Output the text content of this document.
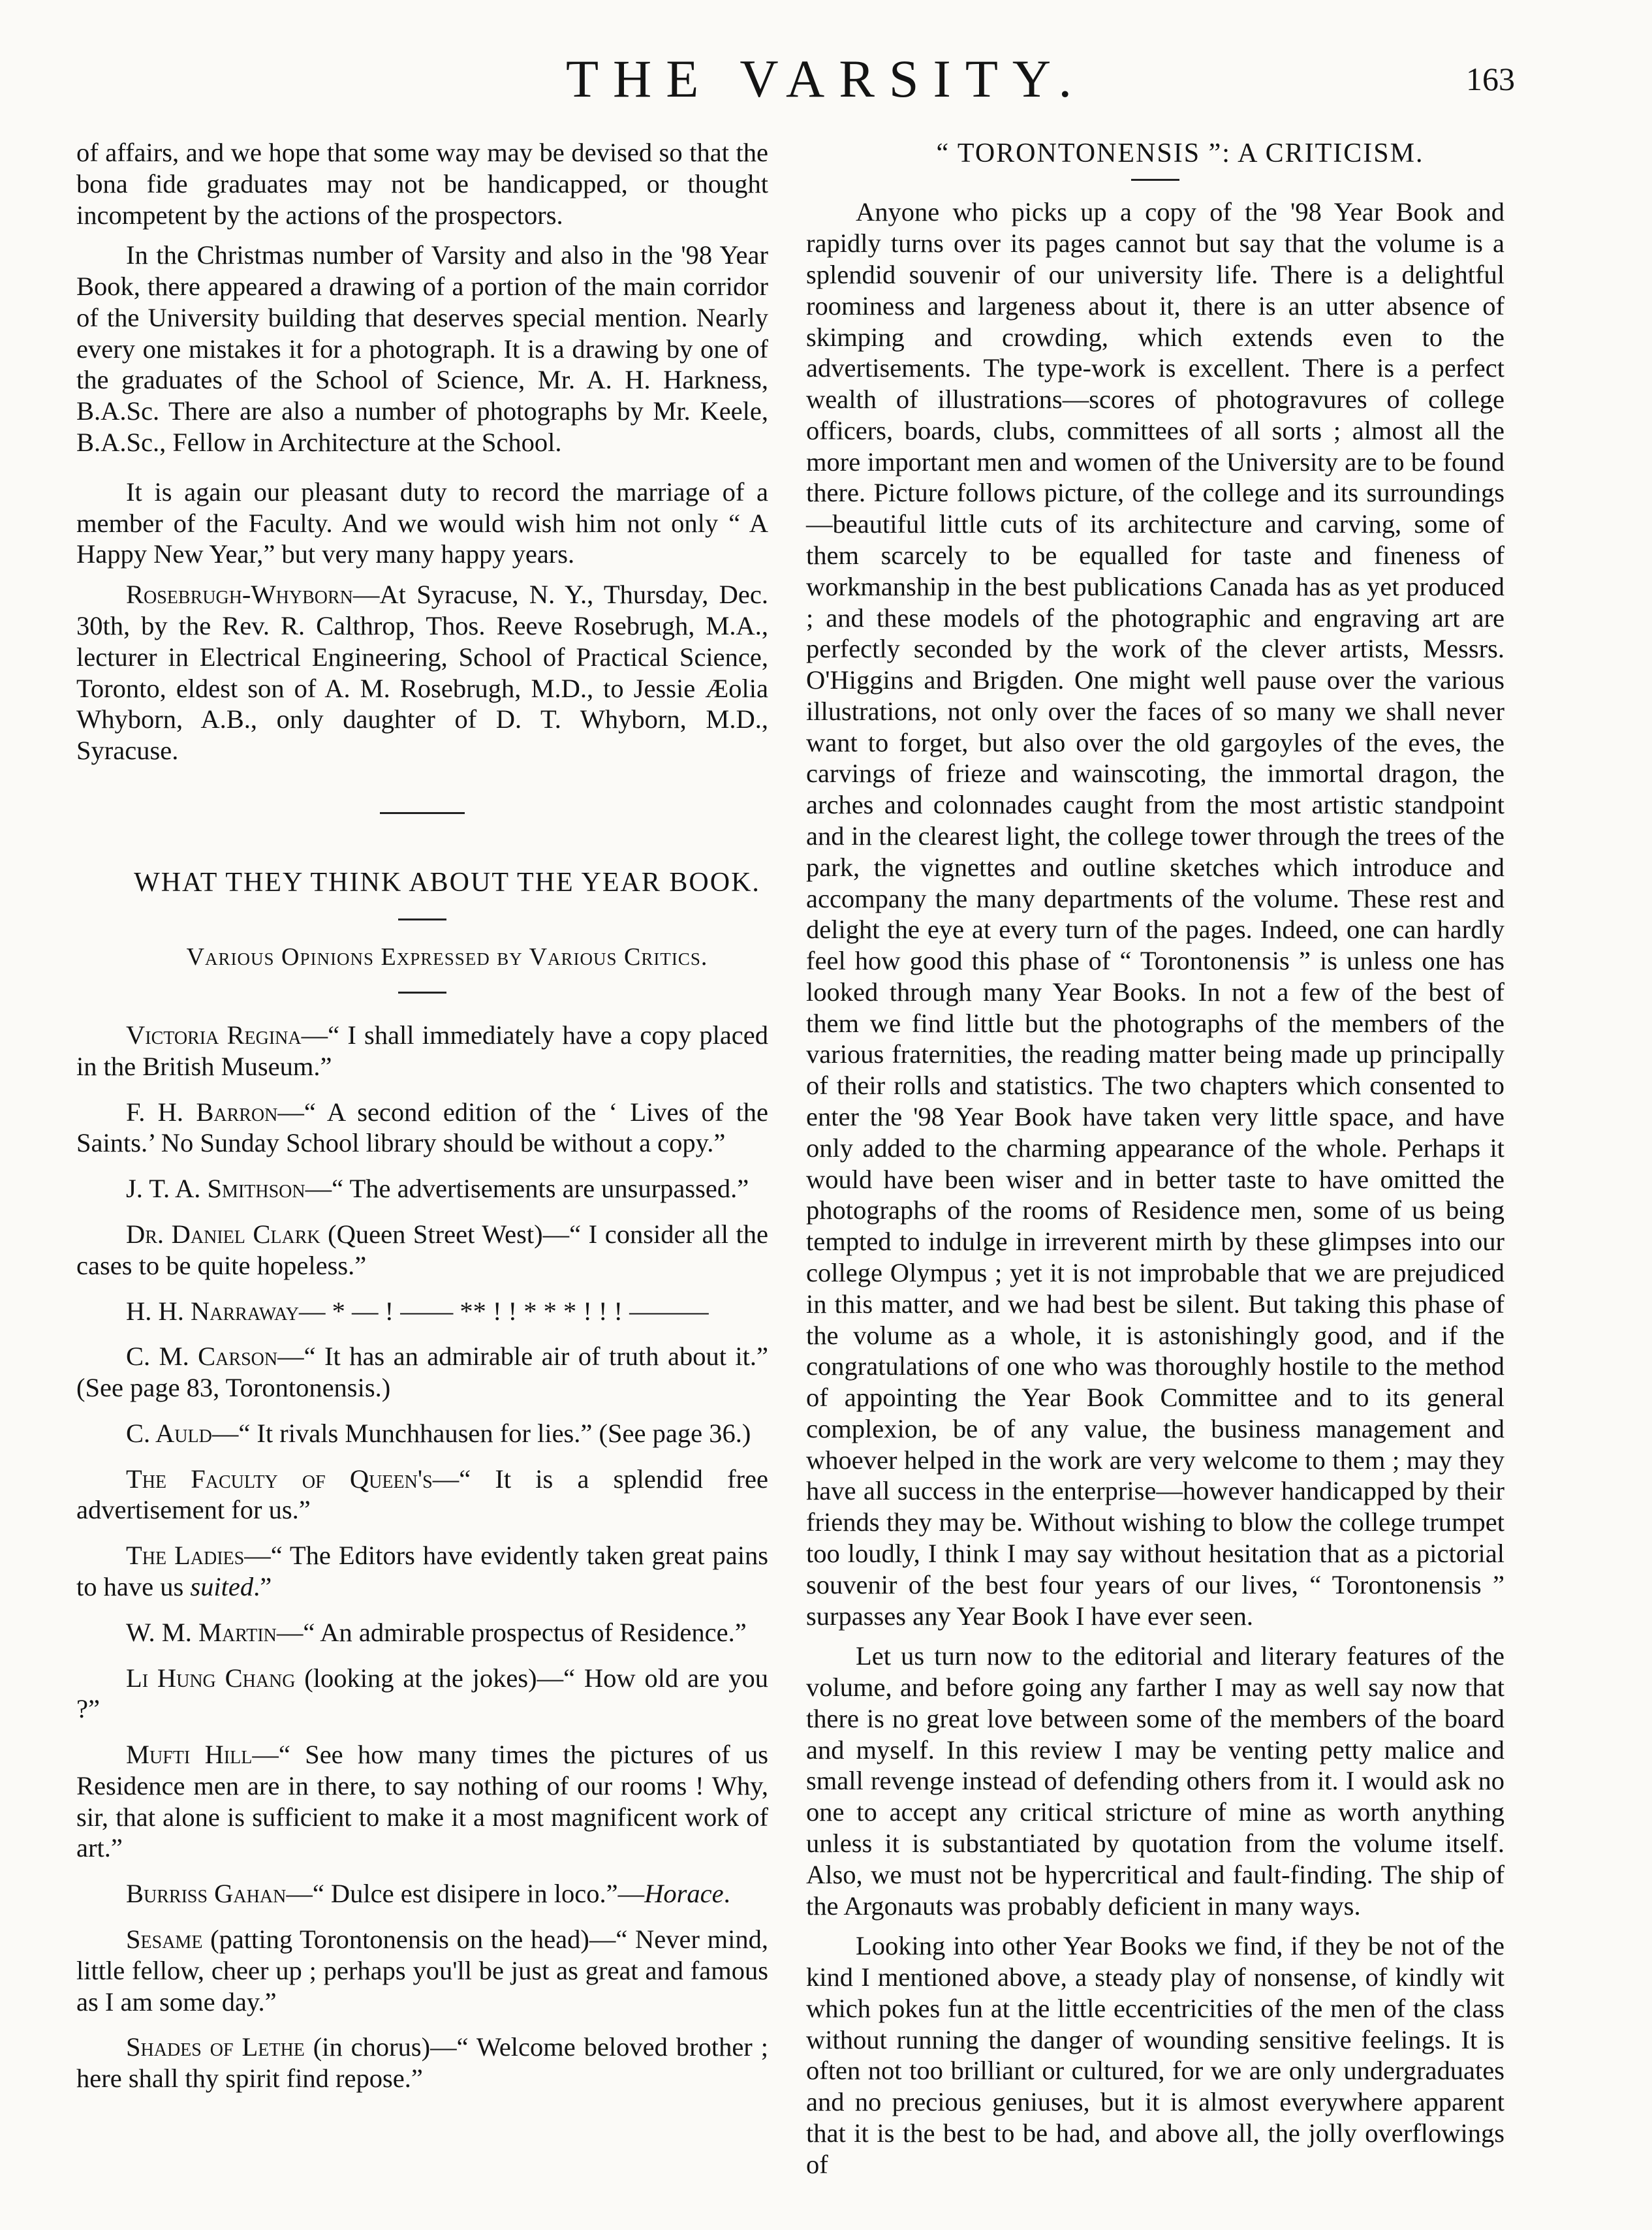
THE VARSITY.	163

of affairs, and we hope that some way may be devised so that the bona fide graduates may not be handicapped, or thought incompetent by the actions of the prospectors.

In the Christmas number of Varsity and also in the '98 Year Book, there appeared a drawing of a portion of the main corridor of the University building that deserves special mention. Nearly every one mistakes it for a photograph. It is a drawing by one of the graduates of the School of Science, Mr. A. H. Harkness, B.A.Sc. There are also a number of photographs by Mr. Keele, B.A.Sc., Fellow in Architecture at the School.

It is again our pleasant duty to record the marriage of a member of the Faculty. And we would wish him not only “ A Happy New Year,” but very many happy years.

Rosebrugh-Whyborn—At Syracuse, N. Y., Thursday, Dec. 30th, by the Rev. R. Calthrop, Thos. Reeve Rosebrugh, M.A., lecturer in Electrical Engineering, School of Practical Science, Toronto, eldest son of A. M. Rosebrugh, M.D., to Jessie Æolia Whyborn, A.B., only daughter of D. T. Whyborn, M.D., Syracuse.

WHAT THEY THINK ABOUT THE YEAR BOOK.

Various Opinions Expressed by Various Critics.

Victoria Regina—“ I shall immediately have a copy placed in the British Museum.”

F. H. Barron—“ A second edition of the ‘ Lives of the Saints.’ No Sunday School library should be without a copy.”

J. T. A. Smithson—“ The advertisements are unsurpassed.”

Dr. Daniel Clark (Queen Street West)—“ I consider all the cases to be quite hopeless.”

H. H. Narraway— * — ! —— ** ! ! * * * ! ! ! ———

C. M. Carson—“ It has an admirable air of truth about it.” (See page 83, Torontonensis.)

C. Auld—“ It rivals Munchhausen for lies.” (See page 36.)

The Faculty of Queen's—“ It is a splendid free advertisement for us.”

The Ladies—“ The Editors have evidently taken great pains to have us suited.”

W. M. Martin—“ An admirable prospectus of Residence.”

Li Hung Chang (looking at the jokes)—“ How old are you ?”

Mufti Hill—“ See how many times the pictures of us Residence men are in there, to say nothing of our rooms ! Why, sir, that alone is sufficient to make it a most magnificent work of art.”

Burriss Gahan—“ Dulce est disipere in loco.”—Horace.

Sesame (patting Torontonensis on the head)—“ Never mind, little fellow, cheer up ; perhaps you'll be just as great and famous as I am some day.”

Shades of Lethe (in chorus)—“ Welcome beloved brother ; here shall thy spirit find repose.”

“ TORONTONENSIS ”: A CRITICISM.

Anyone who picks up a copy of the '98 Year Book and rapidly turns over its pages cannot but say that the volume is a splendid souvenir of our university life. There is a delightful roominess and largeness about it, there is an utter absence of skimping and crowding, which extends even to the advertisements. The type-work is excellent. There is a perfect wealth of illustrations—scores of photogravures of college officers, boards, clubs, committees of all sorts ; almost all the more important men and women of the University are to be found there. Picture follows picture, of the college and its surroundings—beautiful little cuts of its architecture and carving, some of them scarcely to be equalled for taste and fineness of workmanship in the best publications Canada has as yet produced ; and these models of the photographic and engraving art are perfectly seconded by the work of the clever artists, Messrs. O'Higgins and Brigden. One might well pause over the various illustrations, not only over the faces of so many we shall never want to forget, but also over the old gargoyles of the eves, the carvings of frieze and wainscoting, the immortal dragon, the arches and colonnades caught from the most artistic standpoint and in the clearest light, the college tower through the trees of the park, the vignettes and outline sketches which introduce and accompany the many departments of the volume. These rest and delight the eye at every turn of the pages. Indeed, one can hardly feel how good this phase of “ Torontonensis ” is unless one has looked through many Year Books. In not a few of the best of them we find little but the photographs of the members of the various fraternities, the reading matter being made up principally of their rolls and statistics. The two chapters which consented to enter the '98 Year Book have taken very little space, and have only added to the charming appearance of the whole. Perhaps it would have been wiser and in better taste to have omitted the photographs of the rooms of Residence men, some of us being tempted to indulge in irreverent mirth by these glimpses into our college Olympus ; yet it is not improbable that we are prejudiced in this matter, and we had best be silent. But taking this phase of the volume as a whole, it is astonishingly good, and if the congratulations of one who was thoroughly hostile to the method of appointing the Year Book Committee and to its general complexion, be of any value, the business management and whoever helped in the work are very welcome to them ; may they have all success in the enterprise—however handicapped by their friends they may be. Without wishing to blow the college trumpet too loudly, I think I may say without hesitation that as a pictorial souvenir of the best four years of our lives, “ Torontonensis ” surpasses any Year Book I have ever seen.

Let us turn now to the editorial and literary features of the volume, and before going any farther I may as well say now that there is no great love between some of the members of the board and myself. In this review I may be venting petty malice and small revenge instead of defending others from it. I would ask no one to accept any critical stricture of mine as worth anything unless it is substantiated by quotation from the volume itself. Also, we must not be hypercritical and fault-finding. The ship of the Argonauts was probably deficient in many ways.

Looking into other Year Books we find, if they be not of the kind I mentioned above, a steady play of nonsense, of kindly wit which pokes fun at the little eccentricities of the men of the class without running the danger of wounding sensitive feelings. It is often not too brilliant or cultured, for we are only undergraduates and no precious geniuses, but it is almost everywhere apparent that it is the best to be had, and above all, the jolly overflowings of
